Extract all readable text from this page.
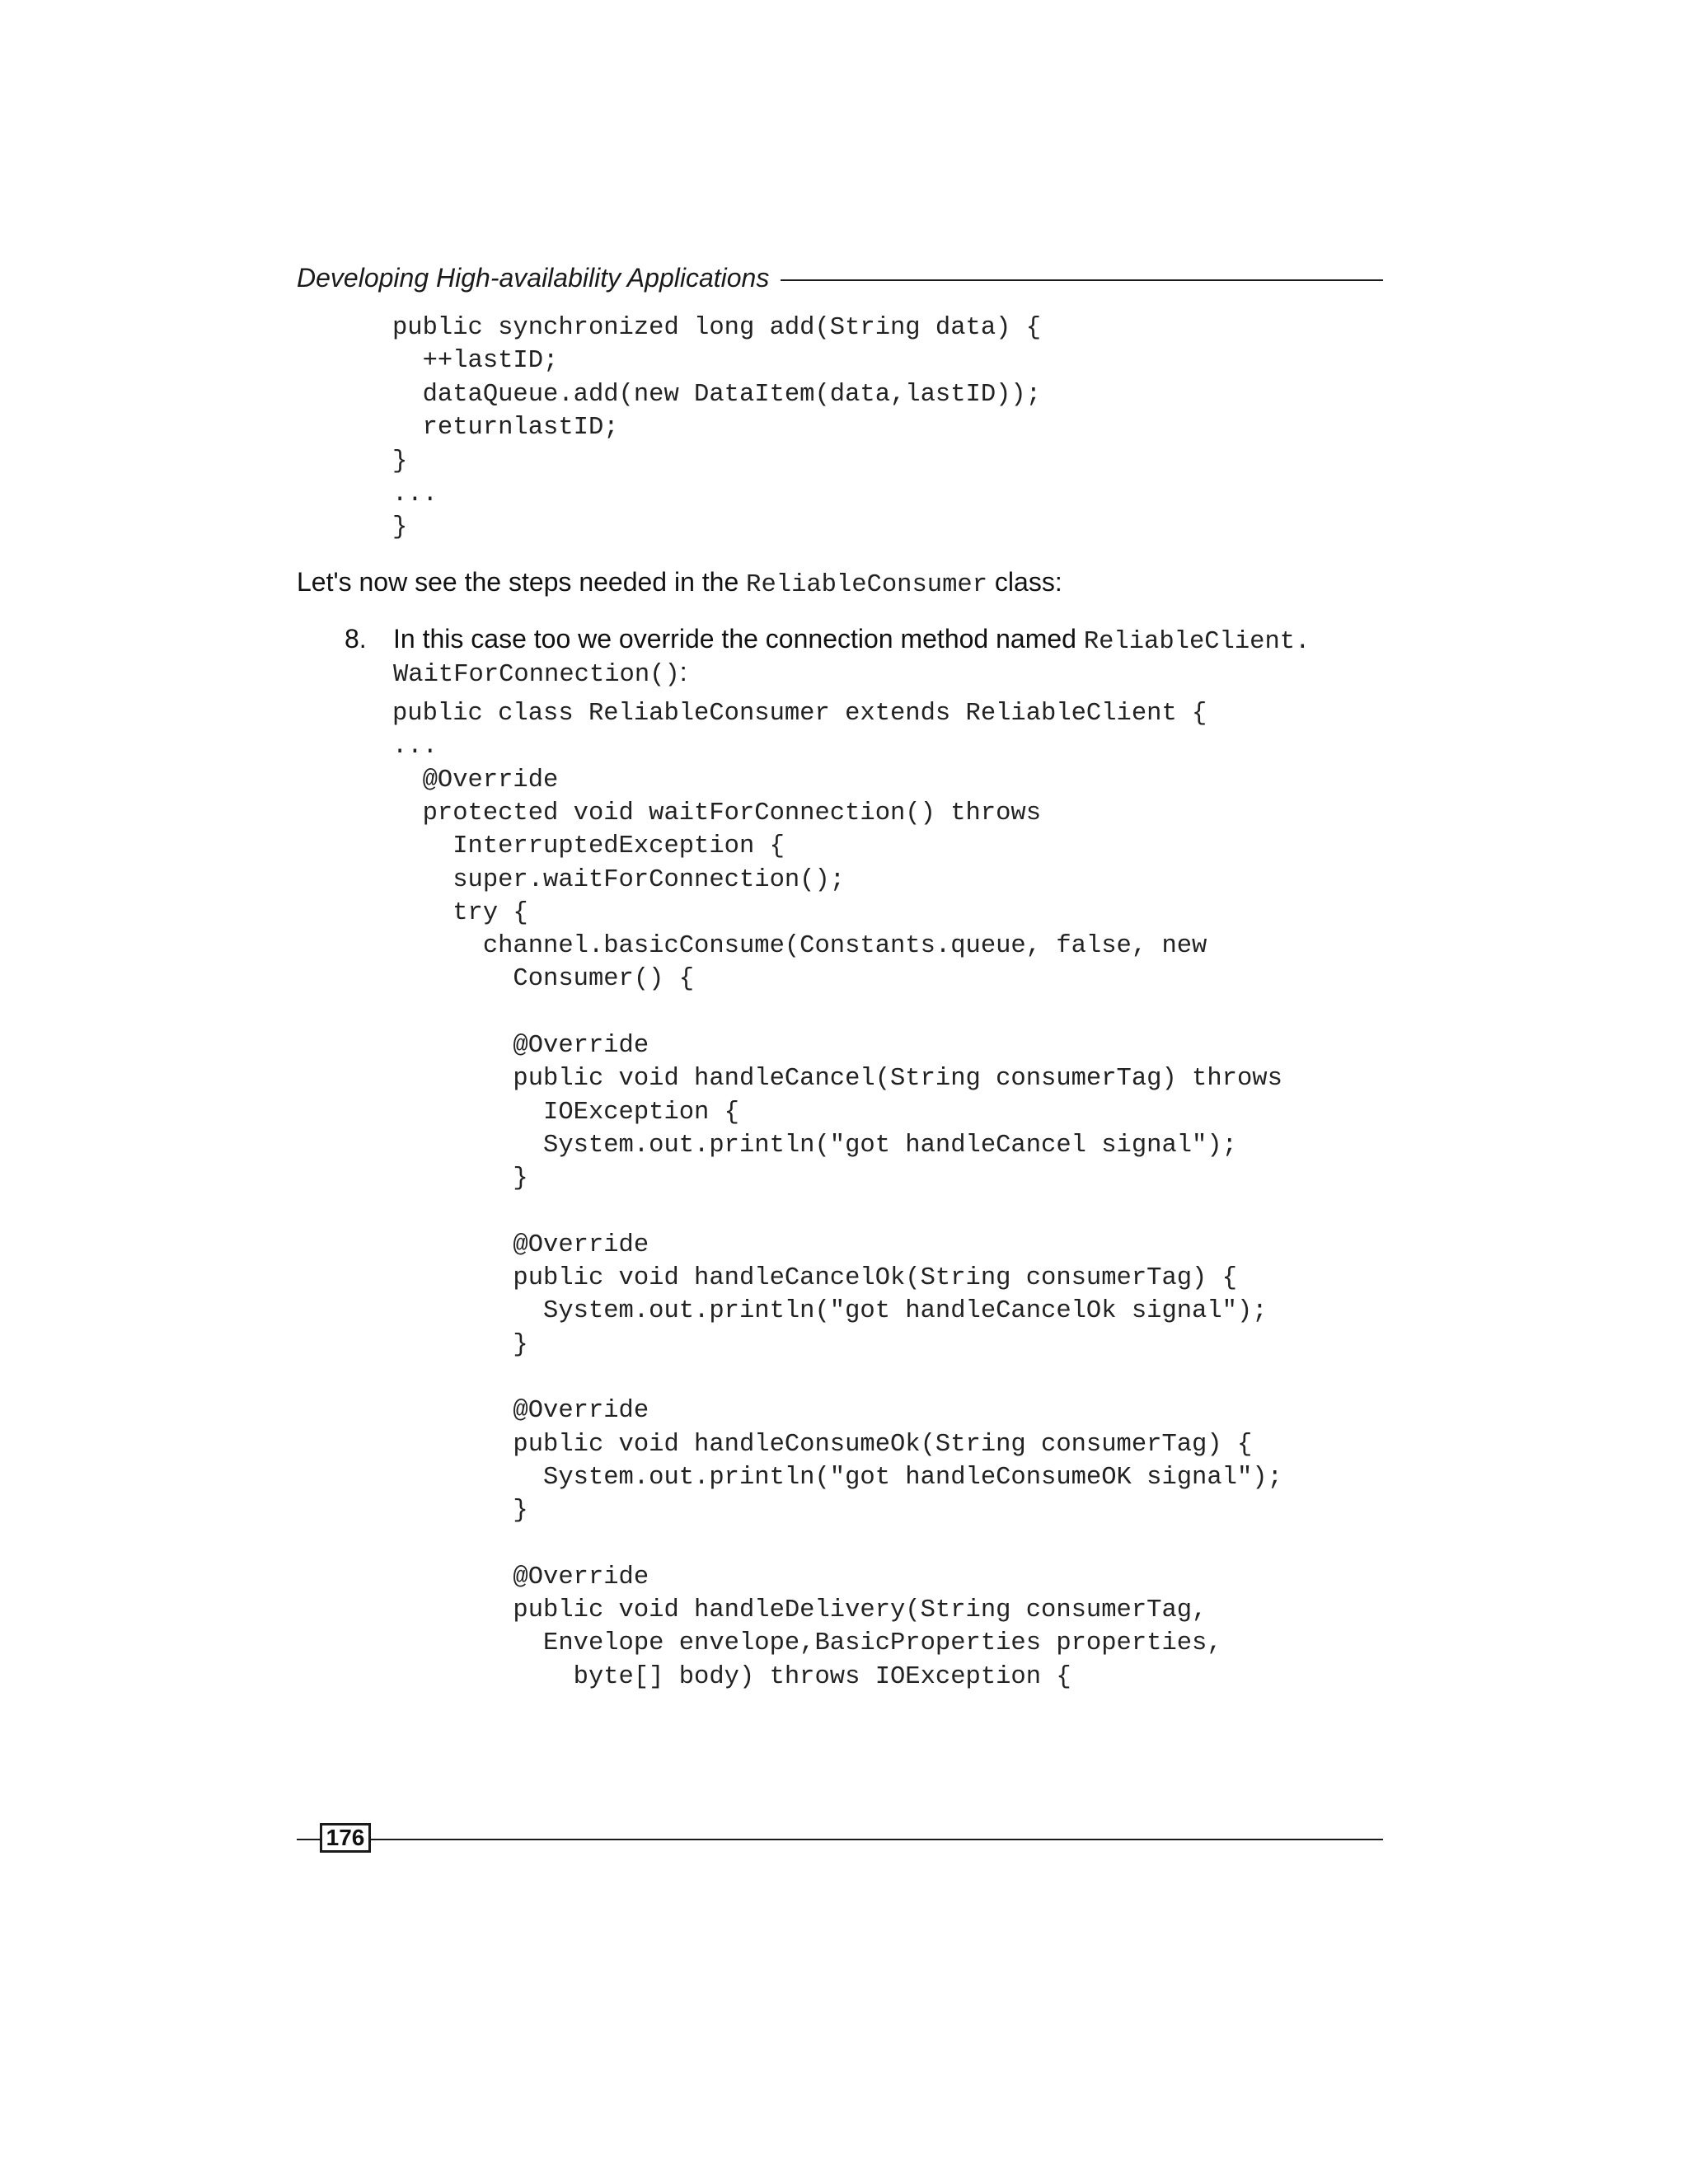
Developing High-availability Applications
public synchronized long add(String data) {
++lastID;
dataQueue.add(new DataItem(data,lastID));
returnlastID;
}
...
}
Let's now see the steps needed in the ReliableConsumer class:
8. In this case too we override the connection method named ReliableClient.
WaitForConnection():
public class ReliableConsumer extends ReliableClient {
...
@Override
protected void waitForConnection() throws
InterruptedException {
super.waitForConnection();
try {
channel.basicConsume(Constants.queue, false, new
Consumer() {
@Override
public void handleCancel(String consumerTag) throws
IOException {
System.out.println("got handleCancel signal");
}
@Override
public void handleCancelOk(String consumerTag) {
System.out.println("got handleCancelOk signal");
}
@Override
public void handleConsumeOk(String consumerTag) {
System.out.println("got handleConsumeOK signal");
}
@Override
public void handleDelivery(String consumerTag,
Envelope envelope,BasicProperties properties,
byte[] body) throws IOException {
176
